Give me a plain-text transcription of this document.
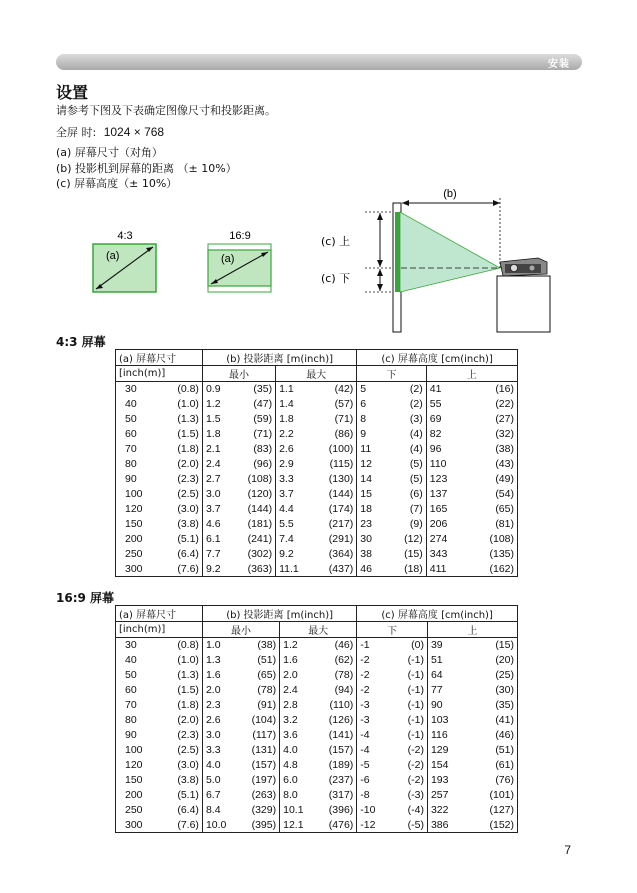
安装
设置
请参考下图及下表确定图像尺寸和投影距离。
全屏 时: 1024 × 768
(a) 屏幕尺寸（对角）
(b) 投影机到屏幕的距离 （± 10%）
(c) 屏幕高度（± 10%）
4:3
(a)
16:9
(a)
(c) 上
(c) 下
(b)
4:3 屏幕
(a) 屏幕尺寸	(b) 投影距离 [m(inch)]		(c) 屏幕高度 [cm(inch)]	
[inch(m)]	最小	最大	下	上

30 (0.8)	0.9 (35)	1.1 (42)	5 (2)	41 (16)

40 (1.0)	1.2 (47)	1.4 (57)	6 (2)	55 (22)

50 (1.3)	1.5 (59)	1.8 (71)	8 (3)	69 (27)

60 (1.5)	1.8 (71)	2.2 (86)	9 (4)	82 (32)

70 (1.8)	2.1 (83)	2.6 (100)	11 (4)	96 (38)

80 (2.0)	2.4 (96)	2.9 (115)	12 (5)	110 (43)

90 (2.3)	2.7 (108)	3.3 (130)	14 (5)	123 (49)

100 (2.5)	3.0 (120)	3.7 (144)	15 (6)	137 (54)

120 (3.0)	3.7 (144)	4.4 (174)	18 (7)	165 (65)

150 (3.8)	4.6 (181)	5.5 (217)	23 (9)	206 (81)

200 (5.1)	6.1 (241)	7.4 (291)	30 (12)	274 (108)

250 (6.4)	7.7 (302)	9.2 (364)	38 (15)	343 (135)

300 (7.6)	9.2 (363)	11.1 (437)	46 (18)	411 (162)
16:9 屏幕
(a) 屏幕尺寸	(b) 投影距离 [m(inch)]		(c) 屏幕高度 [cm(inch)]	
[inch(m)]	最小	最大	下	上

30 (0.8)	1.0 (38)	1.2 (46)	-1 (0)	39 (15)

40 (1.0)	1.3 (51)	1.6 (62)	-2 (-1)	51 (20)

50 (1.3)	1.6 (65)	2.0 (78)	-2 (-1)	64 (25)

60 (1.5)	2.0 (78)	2.4 (94)	-2 (-1)	77 (30)

70 (1.8)	2.3 (91)	2.8 (110)	-3 (-1)	90 (35)

80 (2.0)	2.6 (104)	3.2 (126)	-3 (-1)	103 (41)

90 (2.3)	3.0 (117)	3.6 (141)	-4 (-1)	116 (46)

100 (2.5)	3.3 (131)	4.0 (157)	-4 (-2)	129 (51)

120 (3.0)	4.0 (157)	4.8 (189)	-5 (-2)	154 (61)

150 (3.8)	5.0 (197)	6.0 (237)	-6 (-2)	193 (76)

200 (5.1)	6.7 (263)	8.0 (317)	-8 (-3)	257 (101)

250 (6.4)	8.4 (329)	10.1 (396)	-10 (-4)	322 (127)

300 (7.6)	10.0 (395)	12.1 (476)	-12 (-5)	386 (152)
7
